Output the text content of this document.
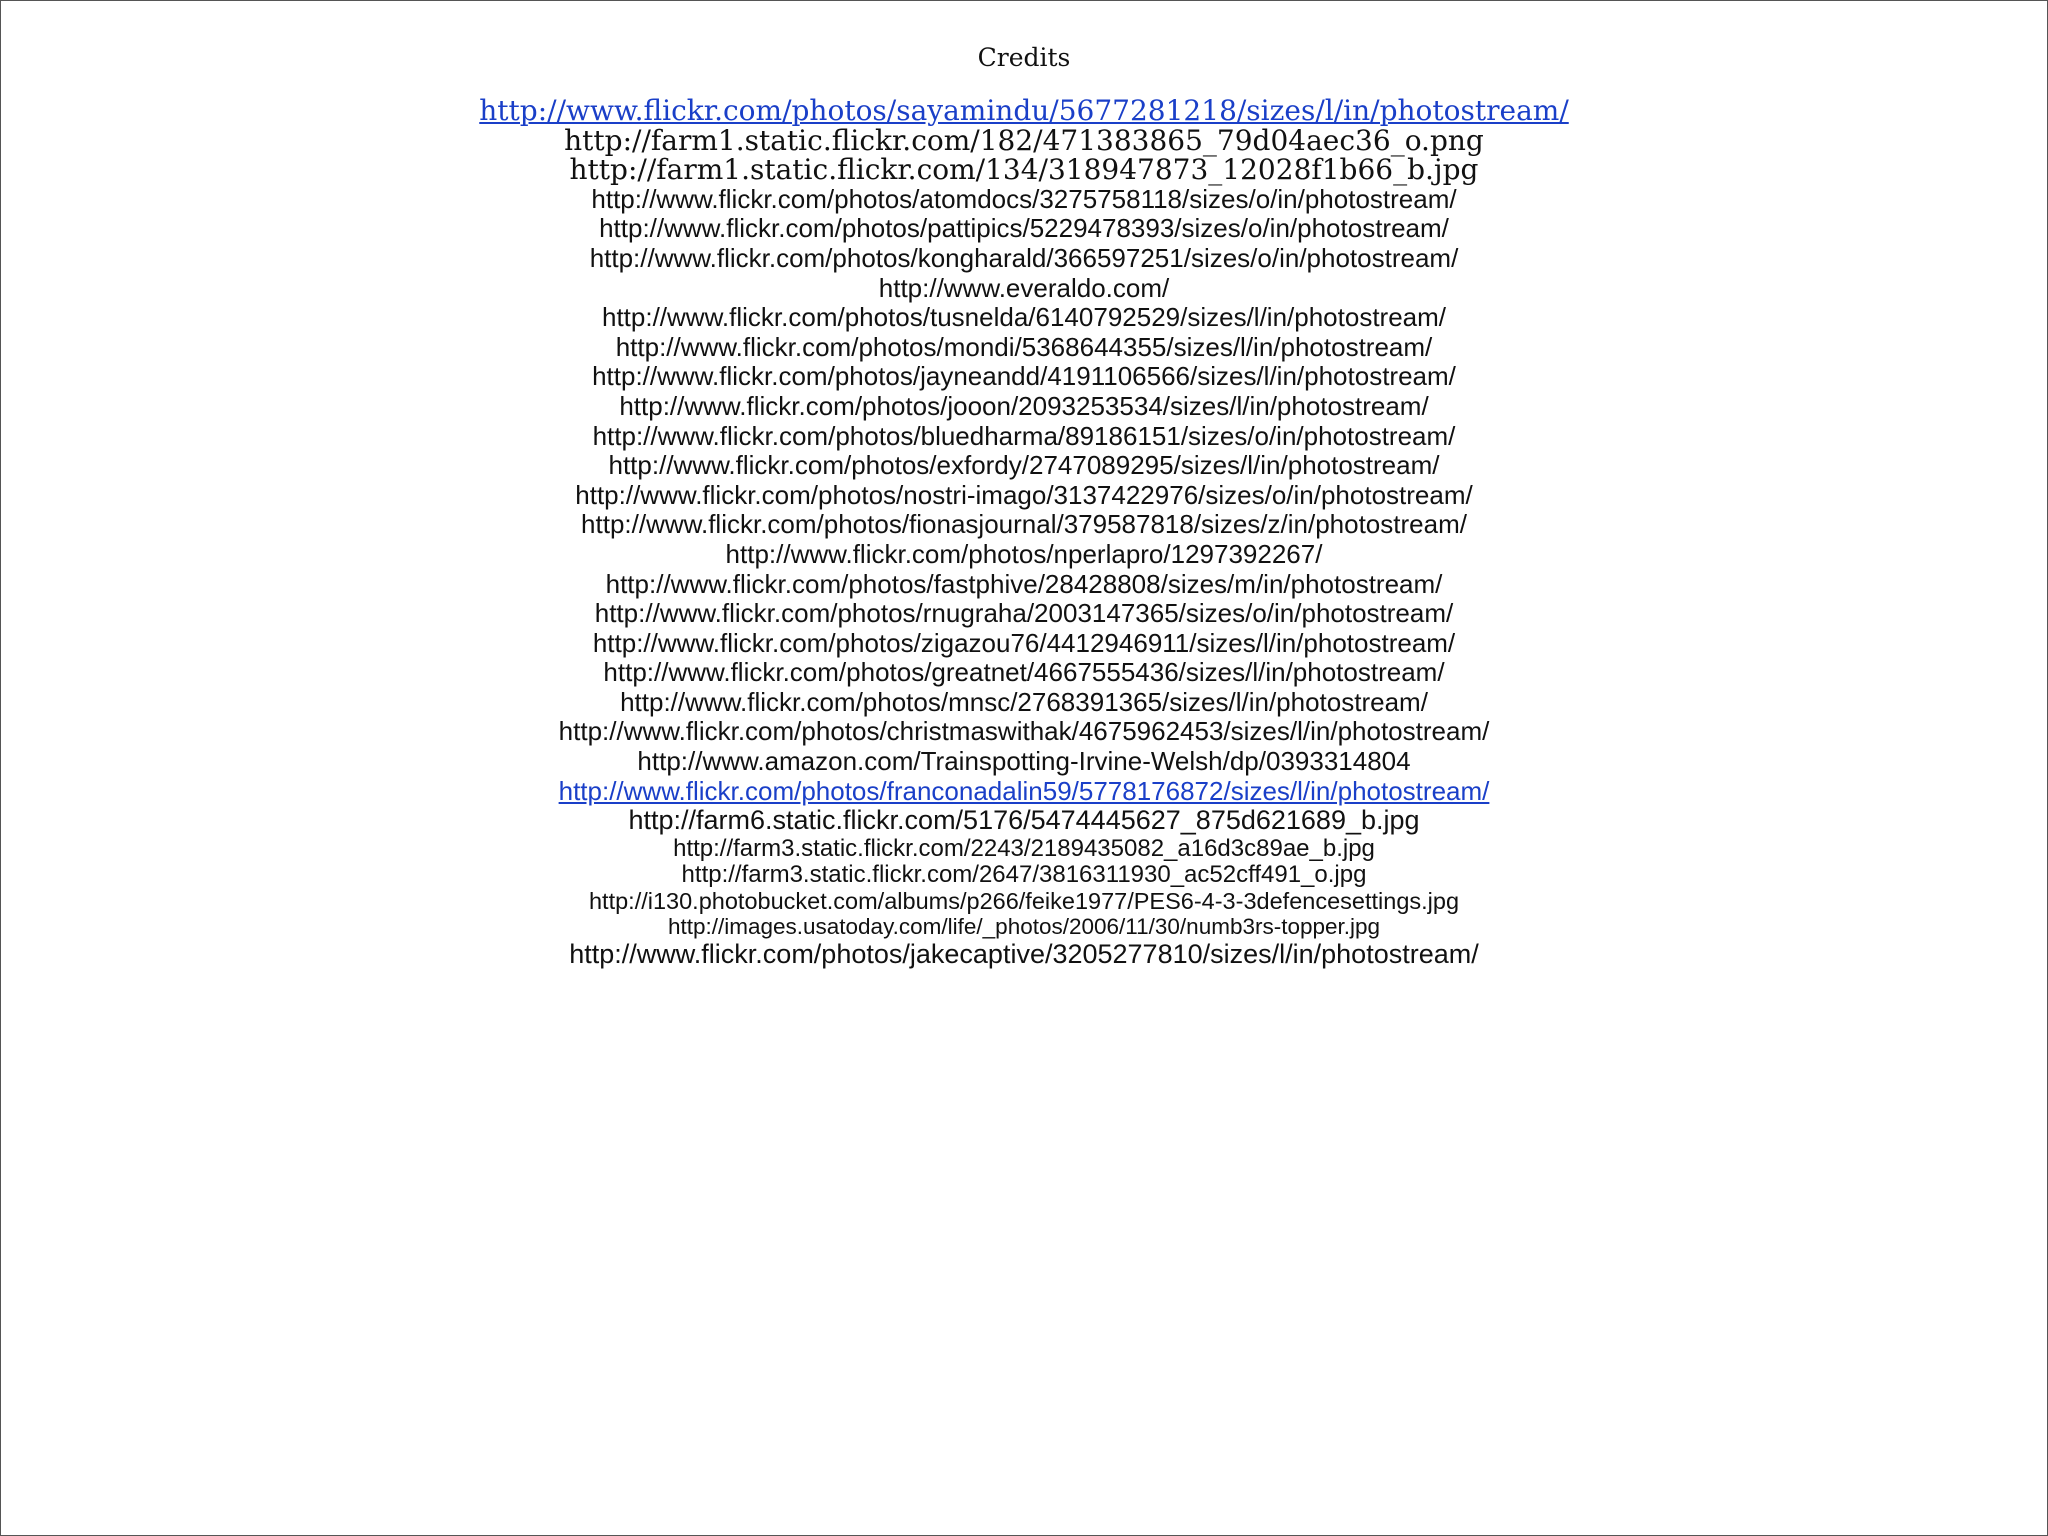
Credits
http://www.flickr.com/photos/sayamindu/5677281218/sizes/l/in/photostream/
http://farm1.static.flickr.com/182/471383865_79d04aec36_o.png
http://farm1.static.flickr.com/134/318947873_12028f1b66_b.jpg
http://www.flickr.com/photos/atomdocs/3275758118/sizes/o/in/photostream/
http://www.flickr.com/photos/pattipics/5229478393/sizes/o/in/photostream/
http://www.flickr.com/photos/kongharald/366597251/sizes/o/in/photostream/
http://www.everaldo.com/
http://www.flickr.com/photos/tusnelda/6140792529/sizes/l/in/photostream/
http://www.flickr.com/photos/mondi/5368644355/sizes/l/in/photostream/
http://www.flickr.com/photos/jayneandd/4191106566/sizes/l/in/photostream/
http://www.flickr.com/photos/jooon/2093253534/sizes/l/in/photostream/
http://www.flickr.com/photos/bluedharma/89186151/sizes/o/in/photostream/
http://www.flickr.com/photos/exfordy/2747089295/sizes/l/in/photostream/
http://www.flickr.com/photos/nostri-imago/3137422976/sizes/o/in/photostream/
http://www.flickr.com/photos/fionasjournal/379587818/sizes/z/in/photostream/
http://www.flickr.com/photos/nperlapro/1297392267/
http://www.flickr.com/photos/fastphive/28428808/sizes/m/in/photostream/
http://www.flickr.com/photos/rnugraha/2003147365/sizes/o/in/photostream/
http://www.flickr.com/photos/zigazou76/4412946911/sizes/l/in/photostream/
http://www.flickr.com/photos/greatnet/4667555436/sizes/l/in/photostream/
http://www.flickr.com/photos/mnsc/2768391365/sizes/l/in/photostream/
http://www.flickr.com/photos/christmaswithak/4675962453/sizes/l/in/photostream/
http://www.amazon.com/Trainspotting-Irvine-Welsh/dp/0393314804
http://www.flickr.com/photos/franconadalin59/5778176872/sizes/l/in/photostream/
http://farm6.static.flickr.com/5176/5474445627_875d621689_b.jpg
http://farm3.static.flickr.com/2243/2189435082_a16d3c89ae_b.jpg
http://farm3.static.flickr.com/2647/3816311930_ac52cff491_o.jpg
http://i130.photobucket.com/albums/p266/feike1977/PES6-4-3-3defencesettings.jpg
http://images.usatoday.com/life/_photos/2006/11/30/numb3rs-topper.jpg
http://www.flickr.com/photos/jakecaptive/3205277810/sizes/l/in/photostream/
